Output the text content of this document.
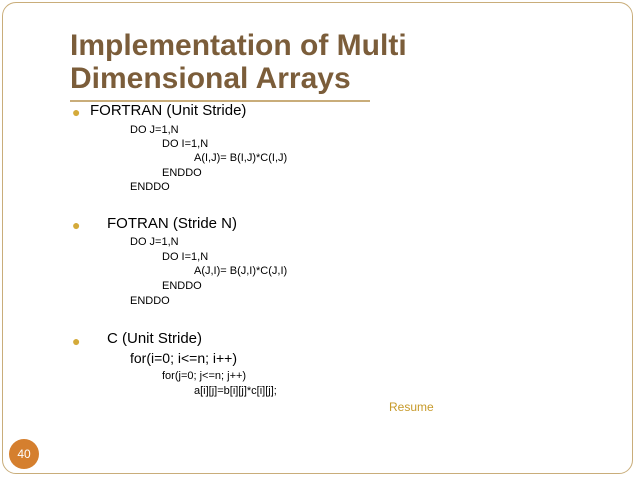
Implementation of Multi
Dimensional Arrays
● FORTRAN (Unit Stride)
DO J=1,N
DO I=1,N
A(I,J)= B(I,J)*C(I,J)
ENDDO
ENDDO
● FOTRAN (Stride N)
DO J=1,N
DO I=1,N
A(J,I)= B(J,I)*C(J,I)
ENDDO
ENDDO
● C (Unit Stride)
for(i=0; i<=n; i++)
for(j=0; j<=n; j++)
a[i][j]=b[i][j]*c[i][j];
Resume
40
